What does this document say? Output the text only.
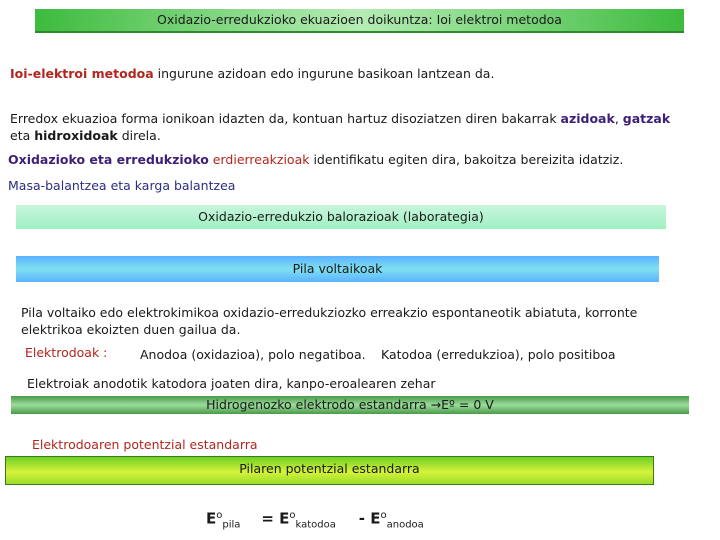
Oxidazio-erredukzioko ekuazioen doikuntza: Ioi elektroi metodoa
Ioi-elektroi metodoa ingurune azidoan edo ingurune basikoan lantzean da.
Erredox ekuazioa forma ionikoan idazten da, kontuan hartuz disoziatzen diren bakarrak azidoak, gatzak
eta hidroxidoak direla.
Oxidazioko eta erredukzioko erdierreakzioak identifikatu egiten dira, bakoitza bereizita idatziz.
Masa-balantzea eta karga balantzea
Oxidazio-erredukzio balorazioak (laborategia)
Pila voltaikoak
Pila voltaiko edo elektrokimikoa oxidazio-erredukziozko erreakzio espontaneotik abiatuta, korronte
elektrikoa ekoizten duen gailua da.
Elektrodoak :	Anodoa (oxidazioa), polo negatiboa. Katodoa (erredukzioa), polo positiboa
Elektroiak anodotik katodora joaten dira, kanpo-eroalearen zehar
Hidrogenozko elektrodo estandarra →Eº = 0 V
Elektrodoaren potentzial estandarra
Pilaren potentzial estandarra
$E^o_{pila} = E^o_{katodoa} - E^o_{anodoa}$
